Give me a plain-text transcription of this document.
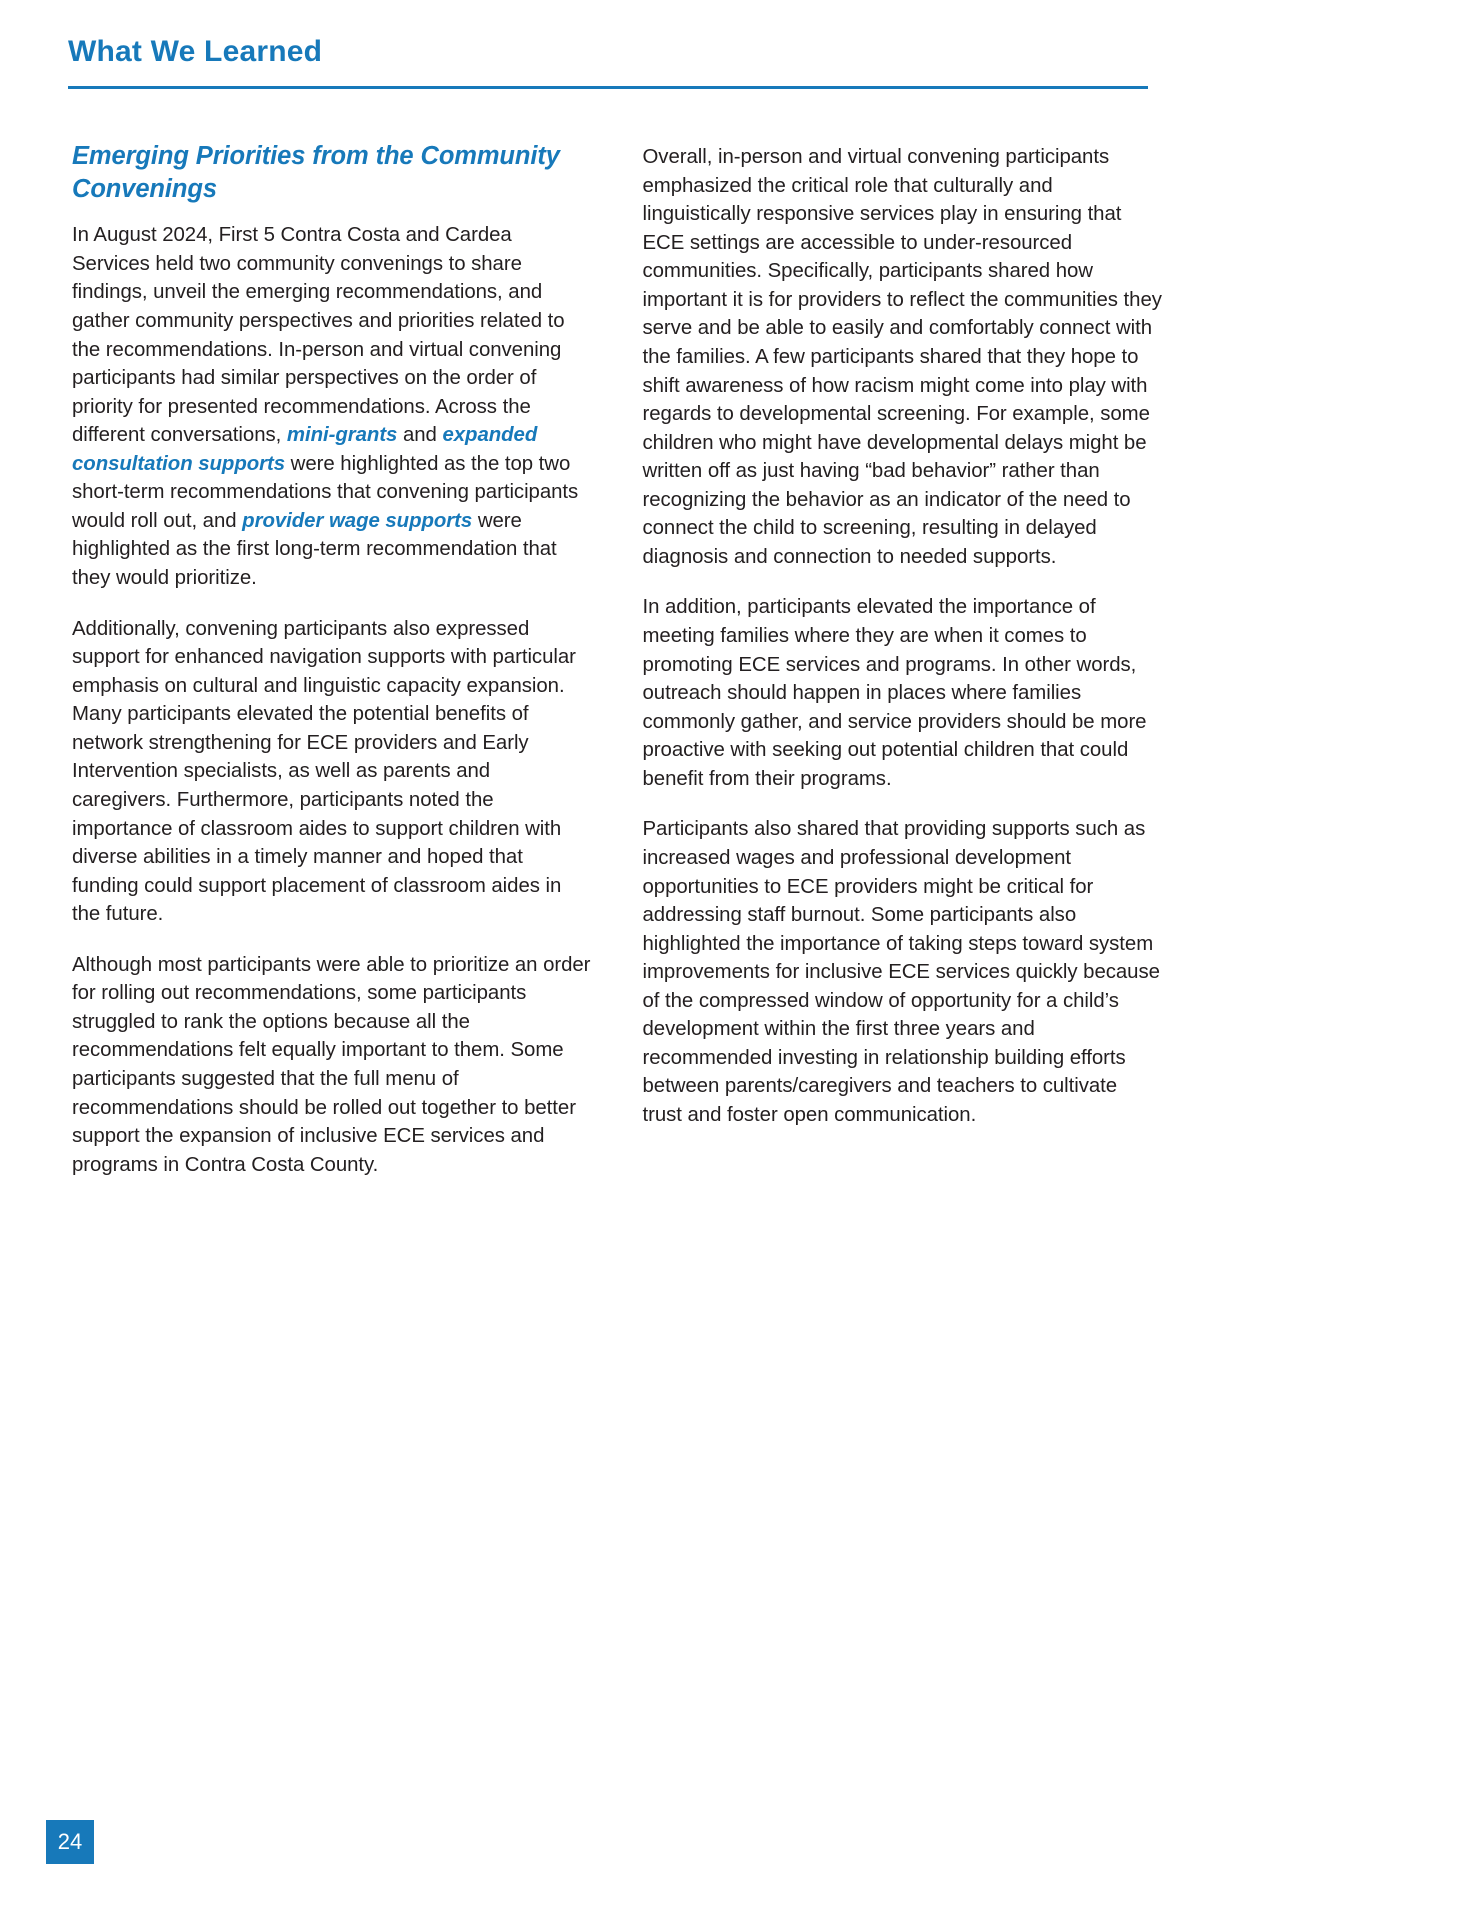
What We Learned
Emerging Priorities from the Community Convenings

In August 2024, First 5 Contra Costa and Cardea Services held two community convenings to share findings, unveil the emerging recommendations, and gather community perspectives and priorities related to the recommendations. In-person and virtual convening participants had similar perspectives on the order of priority for presented recommendations. Across the different conversations, mini-grants and expanded consultation supports were highlighted as the top two short-term recommendations that convening participants would roll out, and provider wage supports were highlighted as the first long-term recommendation that they would prioritize.

Additionally, convening participants also expressed support for enhanced navigation supports with particular emphasis on cultural and linguistic capacity expansion. Many participants elevated the potential benefits of network strengthening for ECE providers and Early Intervention specialists, as well as parents and caregivers. Furthermore, participants noted the importance of classroom aides to support children with diverse abilities in a timely manner and hoped that funding could support placement of classroom aides in the future.

Although most participants were able to prioritize an order for rolling out recommendations, some participants struggled to rank the options because all the recommendations felt equally important to them. Some participants suggested that the full menu of recommendations should be rolled out together to better support the expansion of inclusive ECE services and programs in Contra Costa County.

Overall, in-person and virtual convening participants emphasized the critical role that culturally and linguistically responsive services play in ensuring that ECE settings are accessible to under-resourced communities. Specifically, participants shared how important it is for providers to reflect the communities they serve and be able to easily and comfortably connect with the families. A few participants shared that they hope to shift awareness of how racism might come into play with regards to developmental screening. For example, some children who might have developmental delays might be written off as just having “bad behavior” rather than recognizing the behavior as an indicator of the need to connect the child to screening, resulting in delayed diagnosis and connection to needed supports.

In addition, participants elevated the importance of meeting families where they are when it comes to promoting ECE services and programs. In other words, outreach should happen in places where families commonly gather, and service providers should be more proactive with seeking out potential children that could benefit from their programs.

Participants also shared that providing supports such as increased wages and professional development opportunities to ECE providers might be critical for addressing staff burnout. Some participants also highlighted the importance of taking steps toward system improvements for inclusive ECE services quickly because of the compressed window of opportunity for a child’s development within the first three years and recommended investing in relationship building efforts between parents/caregivers and teachers to cultivate trust and foster open communication.

24
